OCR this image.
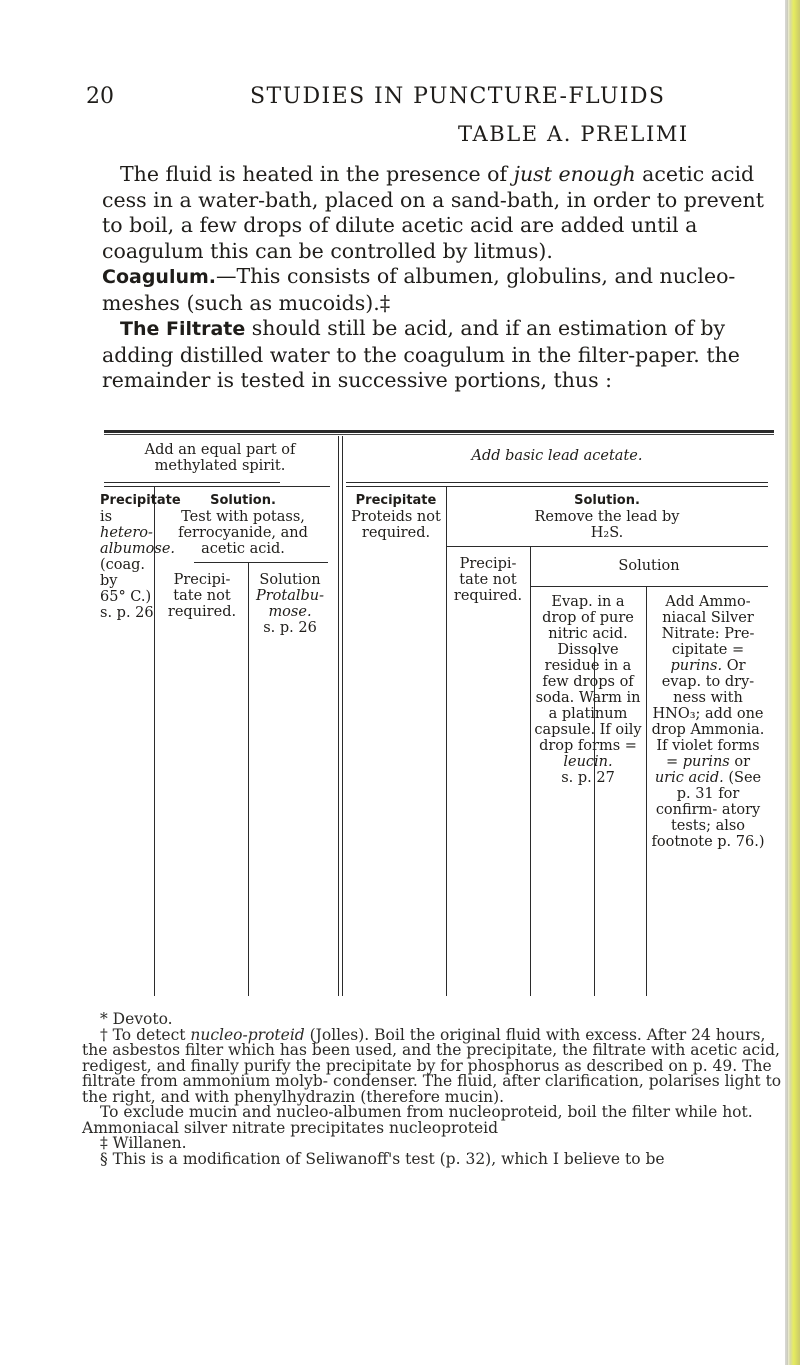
20	STUDIES IN PUNCTURE-FLUIDS
TABLE A. PRELIMI

The fluid is heated in the presence of just enough acetic acid cess in a water-bath, placed on a sand-bath, in order to prevent to boil, a few drops of dilute acetic acid are added until a coagulum this can be controlled by litmus).

Coagulum.—This consists of albumen, globulins, and nucleo- meshes (such as mucoids).‡

The Filtrate should still be acid, and if an estimation of by adding distilled water to the coagulum in the filter-paper. the remainder is tested in successive portions, thus :

Add an equal part of methylated spirit.
Add basic lead acetate.
Precipitate
is hetero-
albumose.
(coag. by
65° C.)
s. p. 26
Solution.
Test with potass, ferrocyanide, and acetic acid.
Precipi- tate not required.
Solution
Protalbu- mose.
s. p. 26
Precipitate
Proteids not required.
Solution.
Remove the lead by
H₂S.
Precipi- tate not required.
Solution
Evap. in a drop of pure nitric acid. Dissolve residue in a few drops of soda. Warm in a platinum capsule. If oily drop forms =
leucin.
s. p. 27
Add Ammo- niacal Silver Nitrate: Pre- cipitate = purins. Or evap. to dry- ness with HNO₃; add one drop Ammonia. If violet forms = purins or uric acid. (See p. 31 for confirm- atory tests; also footnote p. 76.)

* Devoto.

† To detect nucleo-proteid (Jolles). Boil the original fluid with excess. After 24 hours, the asbestos filter which has been used, and the precipitate, the filtrate with acetic acid, redigest, and finally purify the precipitate by for phosphorus as described on p. 49. The filtrate from ammonium molyb- condenser. The fluid, after clarification, polarises light to the right, and with phenylhydrazin (therefore mucin).

To exclude mucin and nucleo-albumen from nucleoproteid, boil the filter while hot. Ammoniacal silver nitrate precipitates nucleoproteid

‡ Willanen.

§ This is a modification of Seliwanoff's test (p. 32), which I believe to be
